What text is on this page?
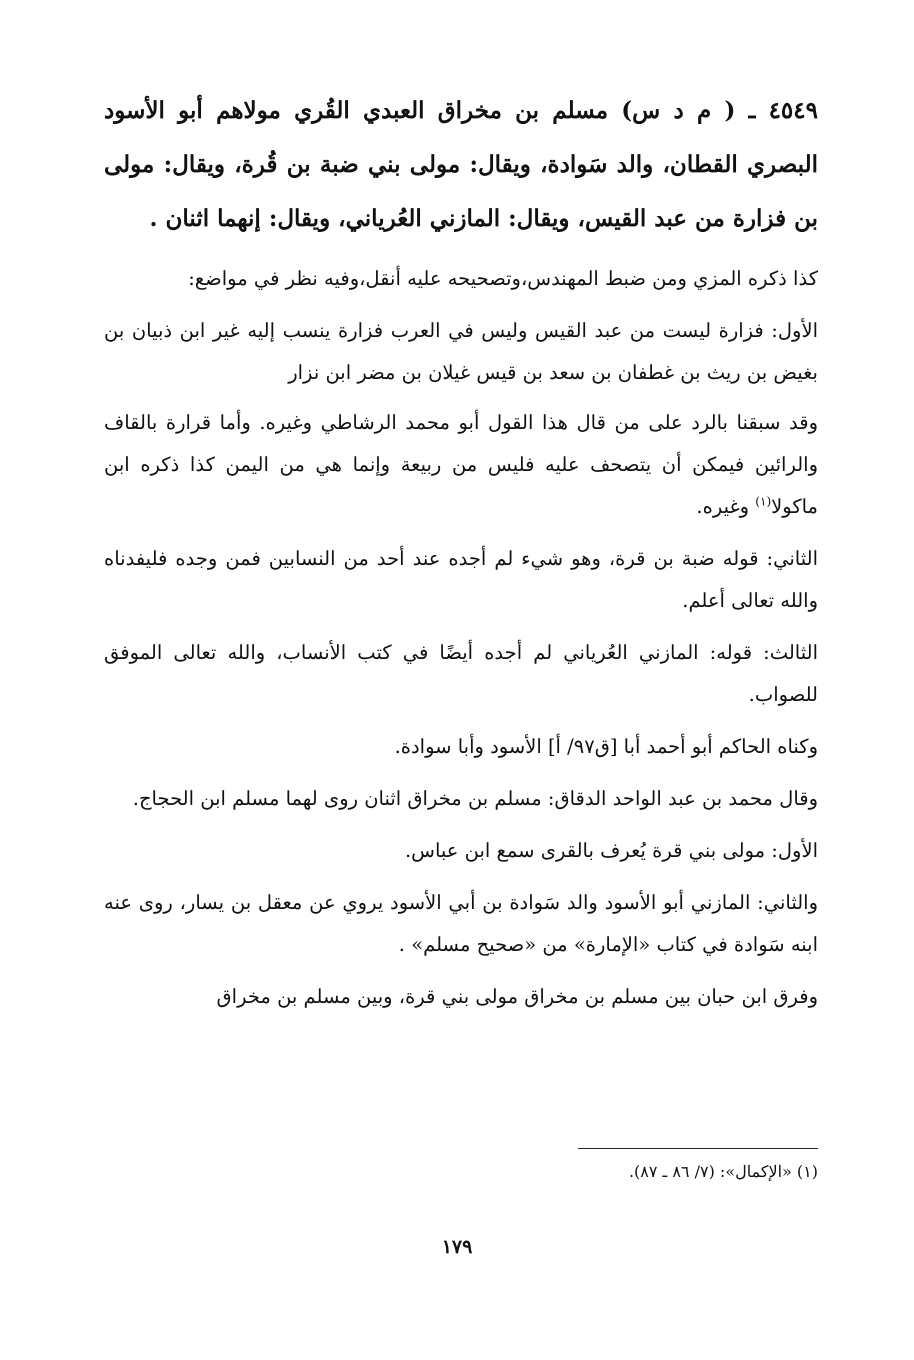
٤٥٤٩ ـ ( م د س) مسلم بن مخراق العبدي القُري مولاهم أبو الأسود البصري القطان، والد سَوادة، ويقال: مولى بني ضبة بن قُرة، ويقال: مولى بن فزارة من عبد القيس، ويقال: المازني العُرياني، ويقال: إنهما اثنان .

كذا ذكره المزي ومن ضبط المهندس،وتصحيحه عليه أنقل،وفيه نظر في مواضع:

الأول: فزارة ليست من عبد القيس وليس في العرب فزارة ينسب إليه غير ابن ذبيان بن بغيض بن ريث بن غطفان بن سعد بن قيس غيلان بن مضر ابن نزار

وقد سبقنا بالرد على من قال هذا القول أبو محمد الرشاطي وغيره. وأما قرارة بالقاف والرائين فيمكن أن يتصحف عليه فليس من ربيعة وإنما هي من اليمن كذا ذكره ابن ماكولا$^{(١)}$ وغيره.

الثاني: قوله ضبة بن قرة، وهو شيء لم أجده عند أحد من النسابين فمن وجده فليفدناه والله تعالى أعلم.

الثالث: قوله: المازني العُرياني لم أجده أيضًا في كتب الأنساب، والله تعالى الموفق للصواب.

وكناه الحاكم أبو أحمد أبا [ق٩٧/ أ] الأسود وأبا سوادة.

وقال محمد بن عبد الواحد الدقاق: مسلم بن مخراق اثنان روى لهما مسلم ابن الحجاج.

الأول: مولى بني قرة يُعرف بالقرى سمع ابن عباس.

والثاني: المازني أبو الأسود والد سَوادة بن أبي الأسود يروي عن معقل بن يسار، روى عنه ابنه سَوادة في كتاب «الإمارة» من «صحيح مسلم» .

وفرق ابن حبان بين مسلم بن مخراق مولى بني قرة، وبين مسلم بن مخراق

(١) «الإكمال»: (٧/ ٨٦ ـ ٨٧).
١٧٩
